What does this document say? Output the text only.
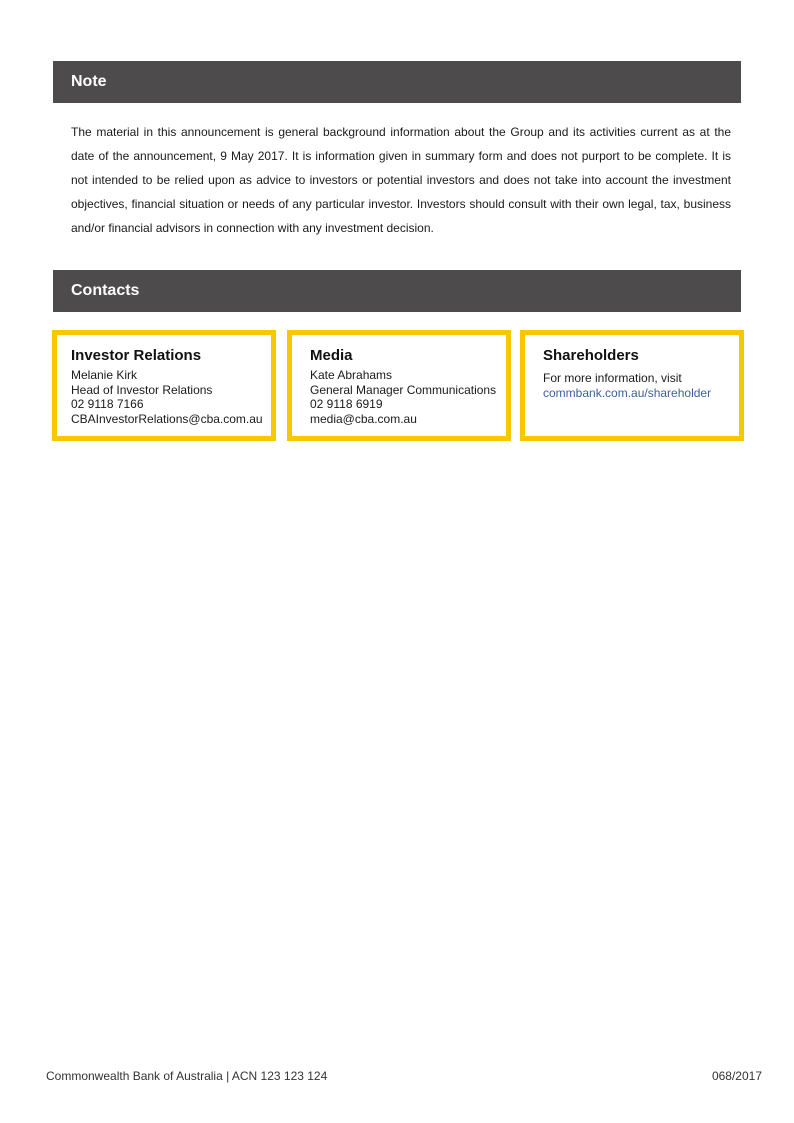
Note
The material in this announcement is general background information about the Group and its activities current as at the date of the announcement, 9 May 2017. It is information given in summary form and does not purport to be complete. It is not intended to be relied upon as advice to investors or potential investors and does not take into account the investment objectives, financial situation or needs of any particular investor. Investors should consult with their own legal, tax, business and/or financial advisors in connection with any investment decision.
Contacts
Investor Relations
Melanie Kirk
Head of Investor Relations
02 9118 7166
CBAInvestorRelations@cba.com.au
Media
Kate Abrahams
General Manager Communications
02 9118 6919
media@cba.com.au
Shareholders
For more information, visit
commbank.com.au/shareholder
Commonwealth Bank of Australia | ACN 123 123 124	068/2017
